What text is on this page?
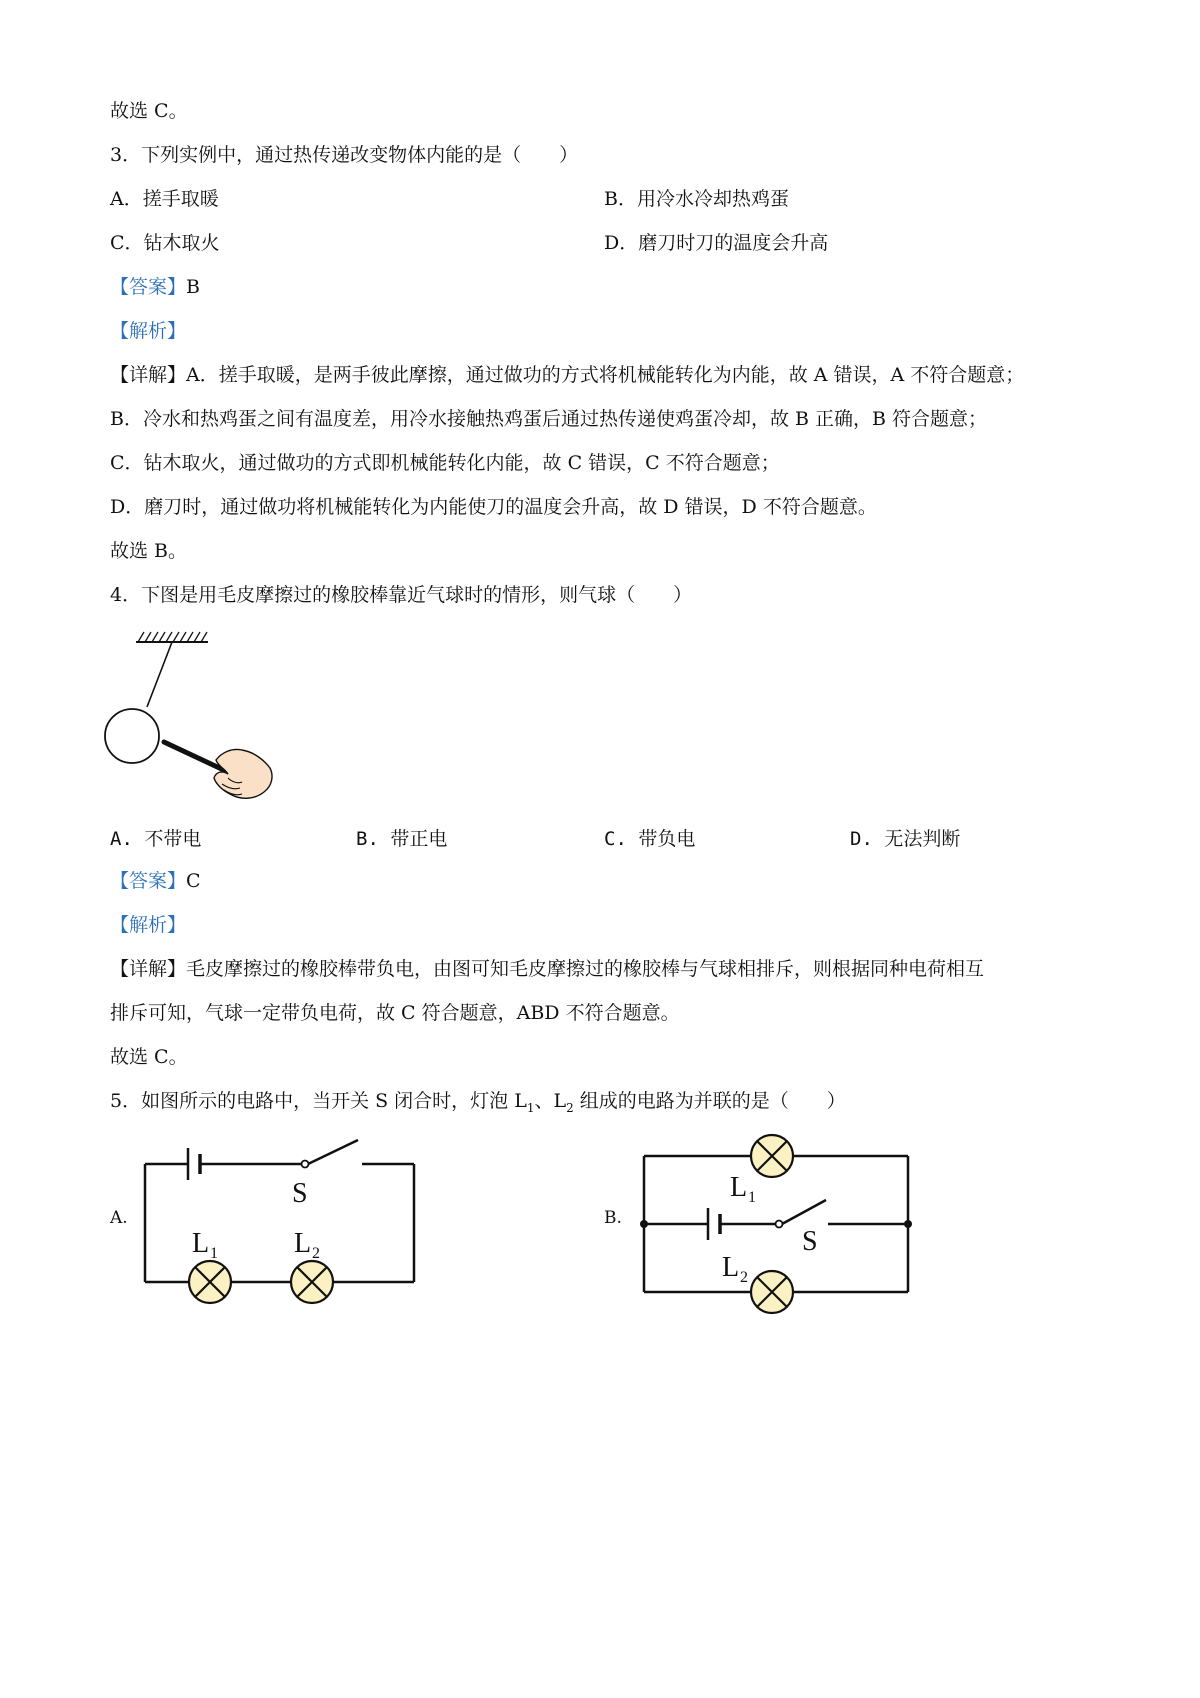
故选 C。
3．下列实例中，通过热传递改变物体内能的是（　　）
A．搓手取暖	B．用冷水冷却热鸡蛋
C．钻木取火	D．磨刀时刀的温度会升高
【答案】B
【解析】
【详解】A．搓手取暖，是两手彼此摩擦，通过做功的方式将机械能转化为内能，故 A 错误，A 不符合题意；
B．冷水和热鸡蛋之间有温度差，用冷水接触热鸡蛋后通过热传递使鸡蛋冷却，故 B 正确，B 符合题意；
C．钻木取火，通过做功的方式即机械能转化内能，故 C 错误，C 不符合题意；
D．磨刀时，通过做功将机械能转化为内能使刀的温度会升高，故 D 错误，D 不符合题意。
故选 B。
4．下图是用毛皮摩擦过的橡胶棒靠近气球时的情形，则气球（　　）
A. 不带电	B. 带正电	C. 带负电	D. 无法判断
【答案】C
【解析】
【详解】毛皮摩擦过的橡胶棒带负电，由图可知毛皮摩擦过的橡胶棒与气球相排斥，则根据同种电荷相互
排斥可知，气球一定带负电荷，故 C 符合题意，ABD 不符合题意。
故选 C。
5．如图所示的电路中，当开关 S 闭合时，灯泡 $L_1$、$L_2$ 组成的电路为并联的是（　　）
A.
S
L 1	L 2
B.
L 1
S
L 2
